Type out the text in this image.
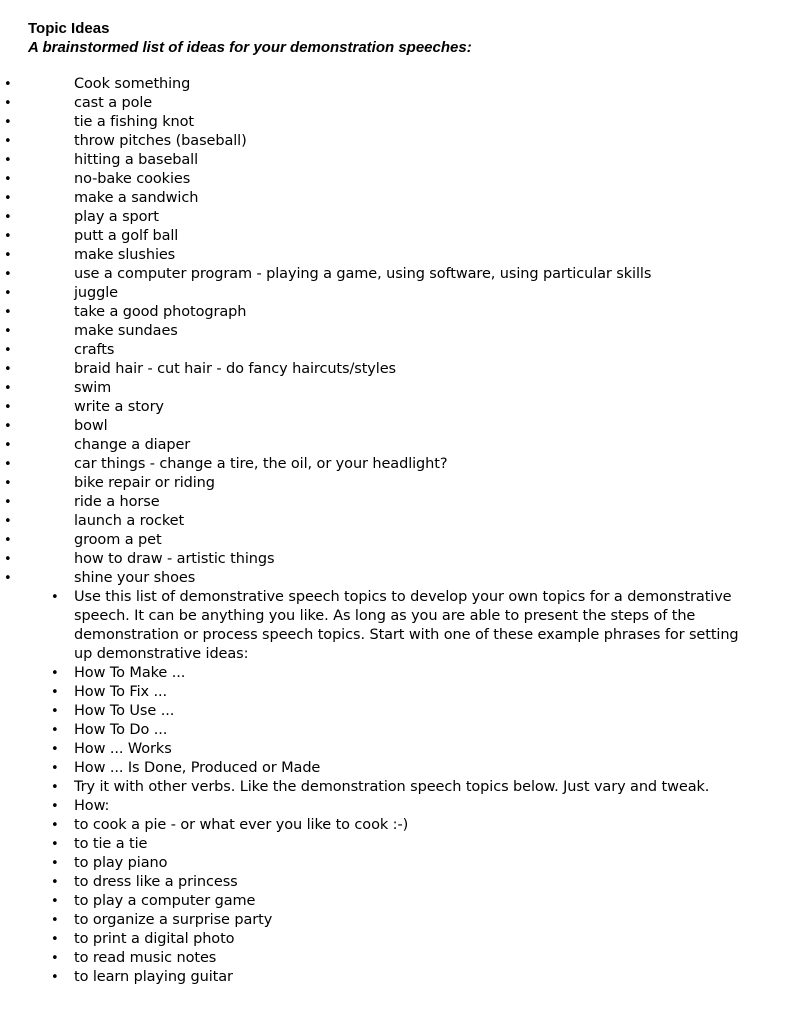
Topic Ideas
A brainstormed list of ideas for your demonstration speeches:
•	Cook something
•	cast a pole
•	tie a fishing knot
•	throw pitches (baseball)
•	hitting a baseball
•	no-bake cookies
•	make a sandwich
•	play a sport
•	putt a golf ball
•	make slushies
•	use a computer program - playing a game, using software, using particular skills
•	juggle
•	take a good photograph
•	make sundaes
•	crafts
•	braid hair - cut hair - do fancy haircuts/styles
•	swim
•	write a story
•	bowl
•	change a diaper
•	car things - change a tire, the oil, or your headlight?
•	bike repair or riding
•	ride a horse
•	launch a rocket
•	groom a pet
•	how to draw - artistic things
•	shine your shoes
• Use this list of demonstrative speech topics to develop your own topics for a demonstrative speech. It can be anything you like. As long as you are able to present the steps of the demonstration or process speech topics. Start with one of these example phrases for setting up demonstrative ideas:
• How To Make ...
• How To Fix ...
• How To Use ...
• How To Do ...
• How ... Works
• How ... Is Done, Produced or Made
• Try it with other verbs. Like the demonstration speech topics below. Just vary and tweak.
• How:
• to cook a pie - or what ever you like to cook :-)
• to tie a tie
• to play piano
• to dress like a princess
• to play a computer game
• to organize a surprise party
• to print a digital photo
• to read music notes
• to learn playing guitar
